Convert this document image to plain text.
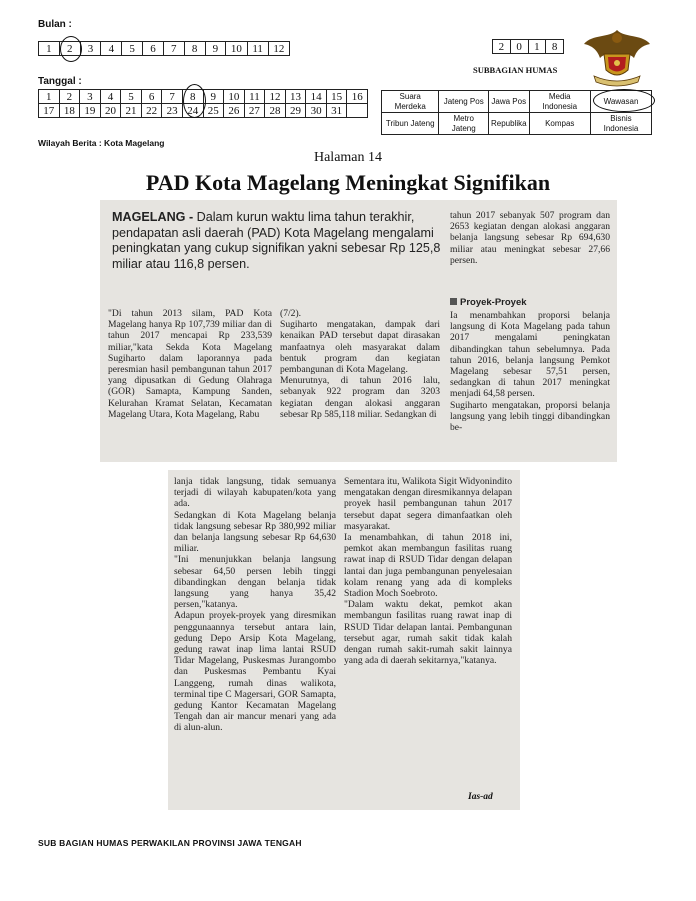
Bulan :
1	2	3	4	5	6	7	8	9	10	11	12
Tanggal :
1	2	3	4	5	6	7	8	9	10	11	12	13	14	15	16
17	18	19	20	21	22	23	24	25	26	27	28	29	30	31	
2	0	1	8
SUBBAGIAN HUMAS
Suara Merdeka	Jateng Pos	Jawa Pos	Media Indonesia	Wawasan
Tribun Jateng	Metro Jateng	Republika	Kompas	Bisnis Indonesia
Wilayah Berita : Kota Magelang
Halaman 14
PAD Kota Magelang Meningkat Signifikan
MAGELANG - Dalam kurun waktu lima tahun terakhir, pendapatan asli daerah (PAD) Kota Magelang mengalami peningkatan yang cukup signifikan yakni sebesar Rp 125,8 miliar atau 116,8 persen.
"Di tahun 2013 silam, PAD Kota Magelang hanya Rp 107,739 miliar dan di tahun 2017 mencapai Rp 233,539 miliar,"kata Sekda Kota Magelang Sugiharto dalam laporannya pada peresmian hasil pembangunan tahun 2017 yang dipusatkan di Gedung Olahraga (GOR) Samapta, Kampung Sanden, Kelurahan Kramat Selatan, Kecamatan Magelang Utara, Kota Magelang, Rabu
(7/2).
Sugiharto mengatakan, dampak dari kenaikan PAD tersebut dapat dirasakan manfaatnya oleh masyarakat dalam bentuk program dan kegiatan pembangunan di Kota Magelang.
Menurutnya, di tahun 2016 lalu, sebanyak 922 program dan 3203 kegiatan dengan alokasi anggaran sebesar Rp 585,118 miliar. Sedangkan di
tahun 2017 sebanyak 507 program dan 2653 kegiatan dengan alokasi anggaran belanja langsung sebesar Rp 694,630 miliar atau meningkat sebesar 27,66 persen.
Proyek-Proyek
Ia menambahkan proporsi belanja langsung di Kota Magelang pada tahun 2017 mengalami peningkatan dibandingkan tahun sebelumnya. Pada tahun 2016, belanja langsung Pemkot Magelang sebesar 57,51 persen, sedangkan di tahun 2017 meningkat menjadi 64,58 persen.
Sugiharto mengatakan, proporsi belanja langsung yang lebih tinggi dibandingkan be-
lanja tidak langsung, tidak semuanya terjadi di wilayah kabupaten/kota yang ada.
Sedangkan di Kota Magelang belanja tidak langsung sebesar Rp 380,992 miliar dan belanja langsung sebesar Rp 64,630 miliar.
"Ini menunjukkan belanja langsung sebesar 64,50 persen lebih tinggi dibandingkan dengan belanja tidak langsung yang hanya 35,42 persen,"katanya.
Adapun proyek-proyek yang diresmikan penggunaannya tersebut antara lain, gedung Depo Arsip Kota Magelang, gedung rawat inap lima lantai RSUD Tidar Magelang, Puskesmas Jurangombo dan Puskesmas Pembantu Kyai Langgeng, rumah dinas walikota, terminal tipe C Magersari, GOR Samapta, gedung Kantor Kecamatan Magelang Tengah dan air mancur menari yang ada di alun-alun.
Sementara itu, Walikota Sigit Widyonindito mengatakan dengan diresmikannya delapan proyek hasil pembangunan tahun 2017 tersebut dapat segera dimanfaatkan oleh masyarakat.
Ia menambahkan, di tahun 2018 ini, pemkot akan membangun fasilitas ruang rawat inap di RSUD Tidar dengan delapan lantai dan juga pembangunan penyelesaian kolam renang yang ada di kompleks Stadion Moch Soebroto.
"Dalam waktu dekat, pemkot akan membangun fasilitas ruang rawat inap di RSUD Tidar delapan lantai. Pembangunan tersebut agar, rumah sakit tidak kalah dengan rumah sakit-rumah sakit lainnya yang ada di daerah sekitarnya,"katanya.
Ias-ad
SUB BAGIAN HUMAS PERWAKILAN PROVINSI JAWA TENGAH
